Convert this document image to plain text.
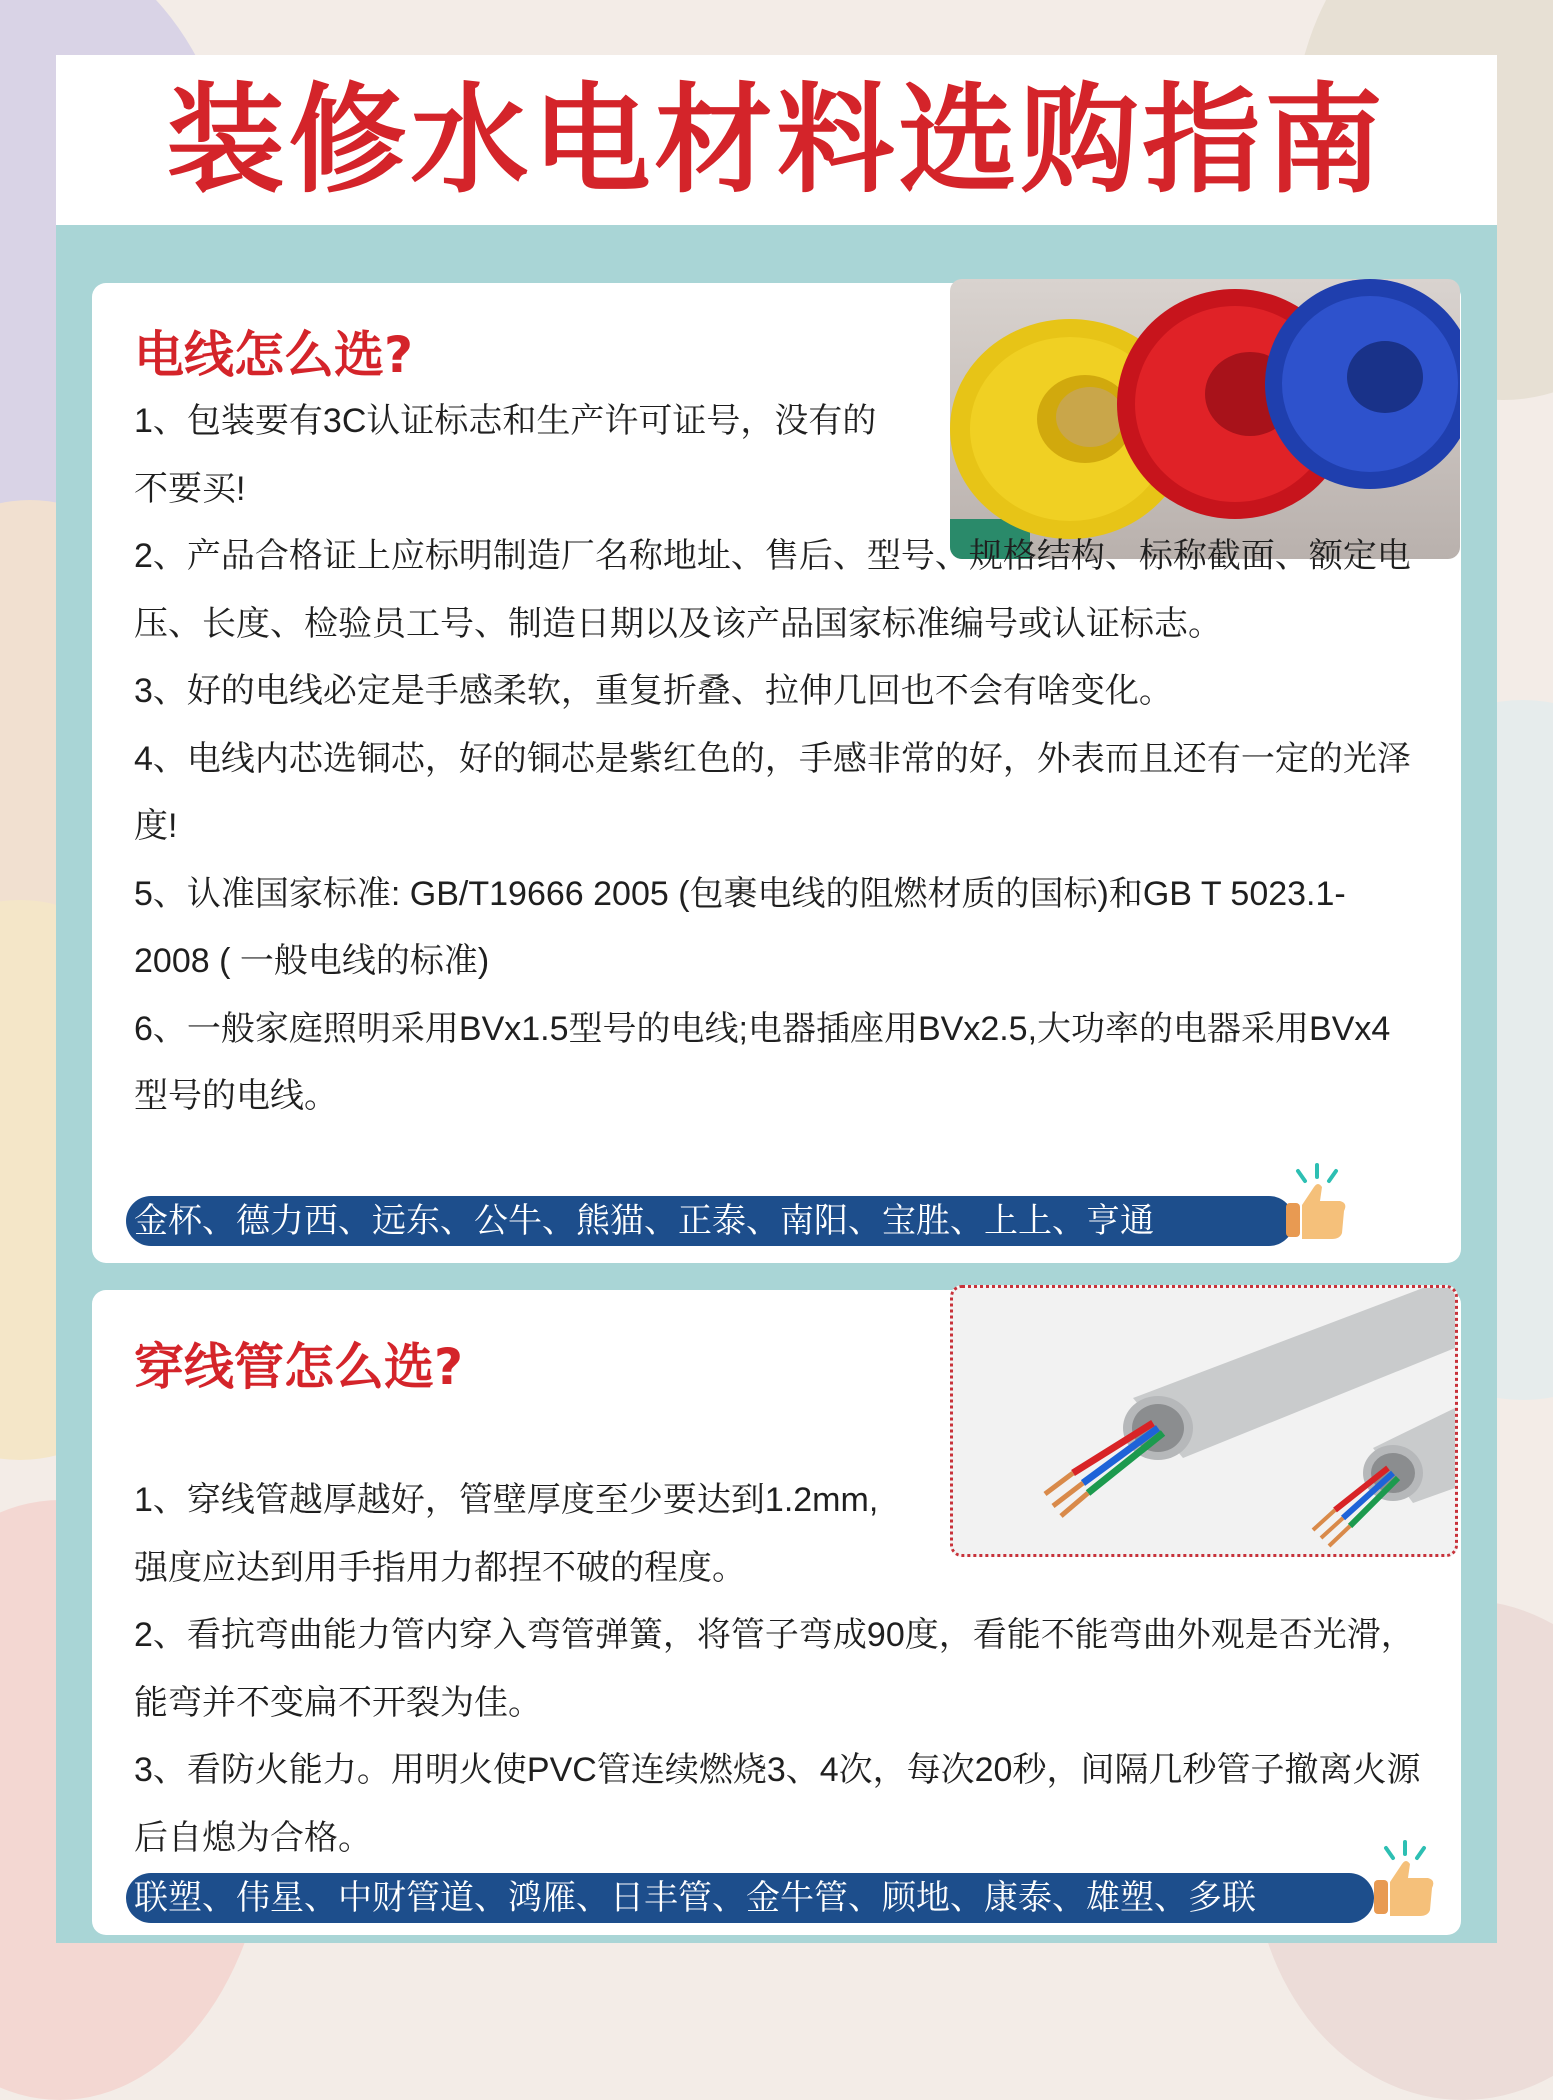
装修水电材料选购指南
电线怎么选?

1、包装要有3C认证标志和生产许可证号，没有的不要买!

2、产品合格证上应标明制造厂名称地址、售后、型号、规格结构、标称截面、额定电压、长度、检验员工号、制造日期以及该产品国家标准编号或认证标志。

3、好的电线必定是手感柔软，重复折叠、拉伸几回也不会有啥变化。

4、电线内芯选铜芯，好的铜芯是紫红色的，手感非常的好，外表而且还有一定的光泽度!

5、认准国家标准: GB/T19666 2005 (包裹电线的阻燃材质的国标)和GB T 5023.1-2008 ( 一般电线的标准)

6、一般家庭照明采用BVx1.5型号的电线;电器插座用BVx2.5,大功率的电器采用BVx4型号的电线。

金杯、德力西、远东、公牛、熊猫、正泰、南阳、宝胜、上上、亨通
穿线管怎么选?

1、穿线管越厚越好，管壁厚度至少要达到1.2mm,强度应达到用手指用力都捏不破的程度。

2、看抗弯曲能力管内穿入弯管弹簧，将管子弯成90度，看能不能弯曲外观是否光滑，能弯并不变扁不开裂为佳。

3、看防火能力。用明火使PVC管连续燃烧3、4次，每次20秒，间隔几秒管子撤离火源后自熄为合格。

联塑、伟星、中财管道、鸿雁、日丰管、金牛管、顾地、康泰、雄塑、多联
